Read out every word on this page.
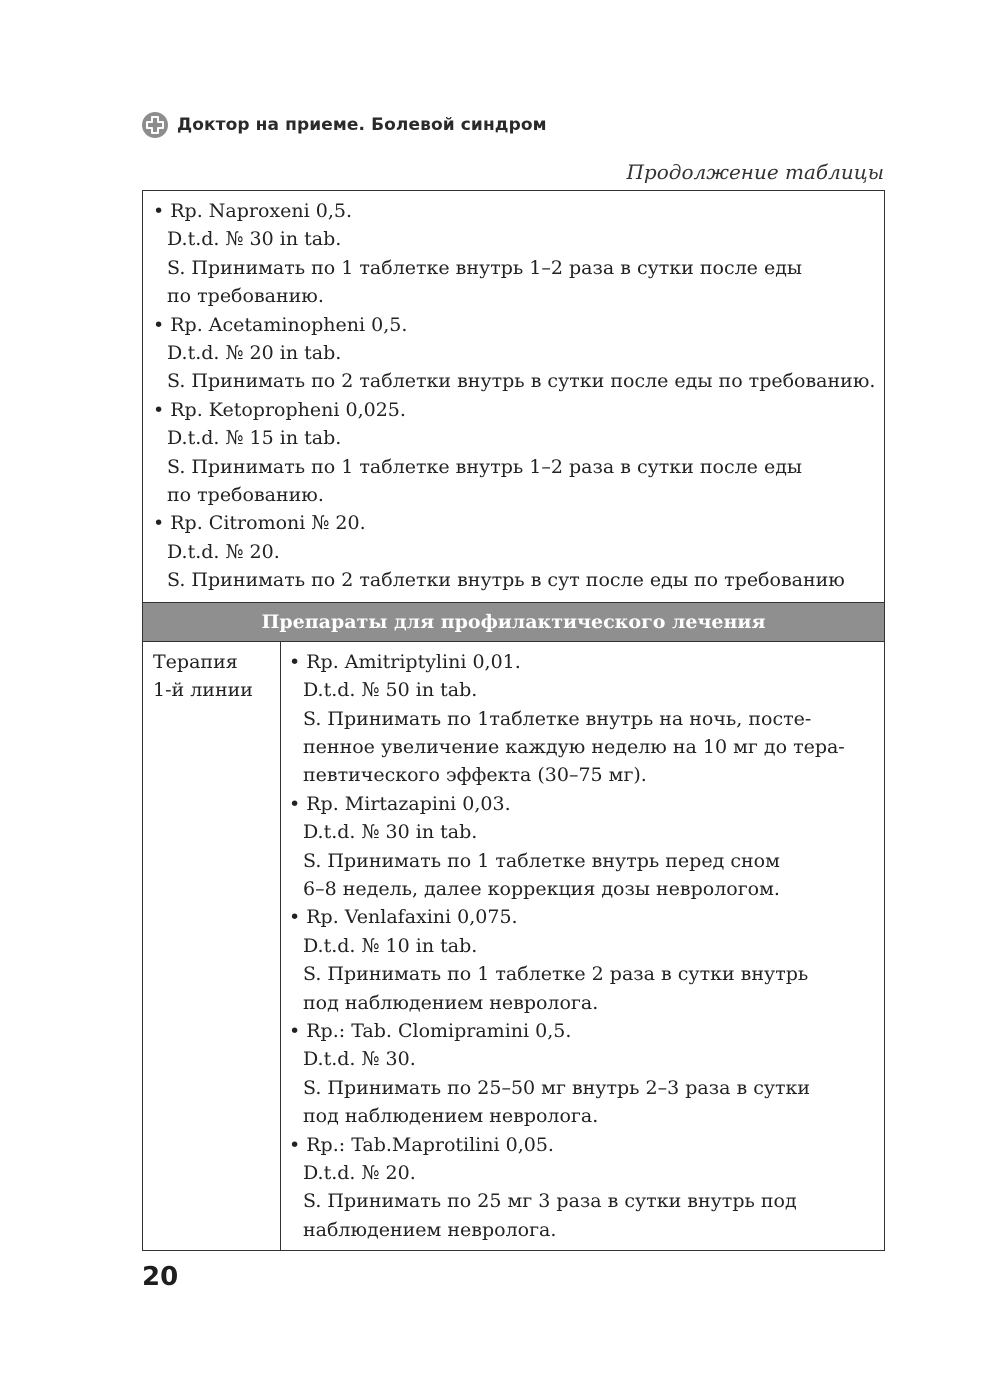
Доктор на приеме. Болевой синдром
Продолжение таблицы
• Rp. Naproxeni 0,5.
D.t.d. № 30 in tab.
S. Принимать по 1 таблетке внутрь 1–2 раза в сутки после еды
по требованию.
• Rp. Acetaminopheni 0,5.
D.t.d. № 20 in tab.
S. Принимать по 2 таблетки внутрь в сутки после еды по требованию.
• Rp. Ketopropheni 0,025.
D.t.d. № 15 in tab.
S. Принимать по 1 таблетке внутрь 1–2 раза в сутки после еды
по требованию.
• Rp. Citromoni № 20.
D.t.d. № 20.
S. Принимать по 2 таблетки внутрь в сут после еды по требованию
Препараты для профилактического лечения
Терапия
1-й линии
• Rp. Amitriptylini 0,01.
D.t.d. № 50 in tab.
S. Принимать по 1таблетке внутрь на ночь, посте-
пенное увеличение каждую неделю на 10 мг до тера-
певтического эффекта (30–75 мг).
• Rp. Mirtazapini 0,03.
D.t.d. № 30 in tab.
S. Принимать по 1 таблетке внутрь перед сном
6–8 недель, далее коррекция дозы неврологом.
• Rp. Venlafaxini 0,075.
D.t.d. № 10 in tab.
S. Принимать по 1 таблетке 2 раза в сутки внутрь
под наблюдением невролога.
• Rp.: Tab. Clomipramini 0,5.
D.t.d. № 30.
S. Принимать по 25–50 мг внутрь 2–3 раза в сутки
под наблюдением невролога.
• Rp.: Tab.Maprotilini 0,05.
D.t.d. № 20.
S. Принимать по 25 мг 3 раза в сутки внутрь под
наблюдением невролога.
20
